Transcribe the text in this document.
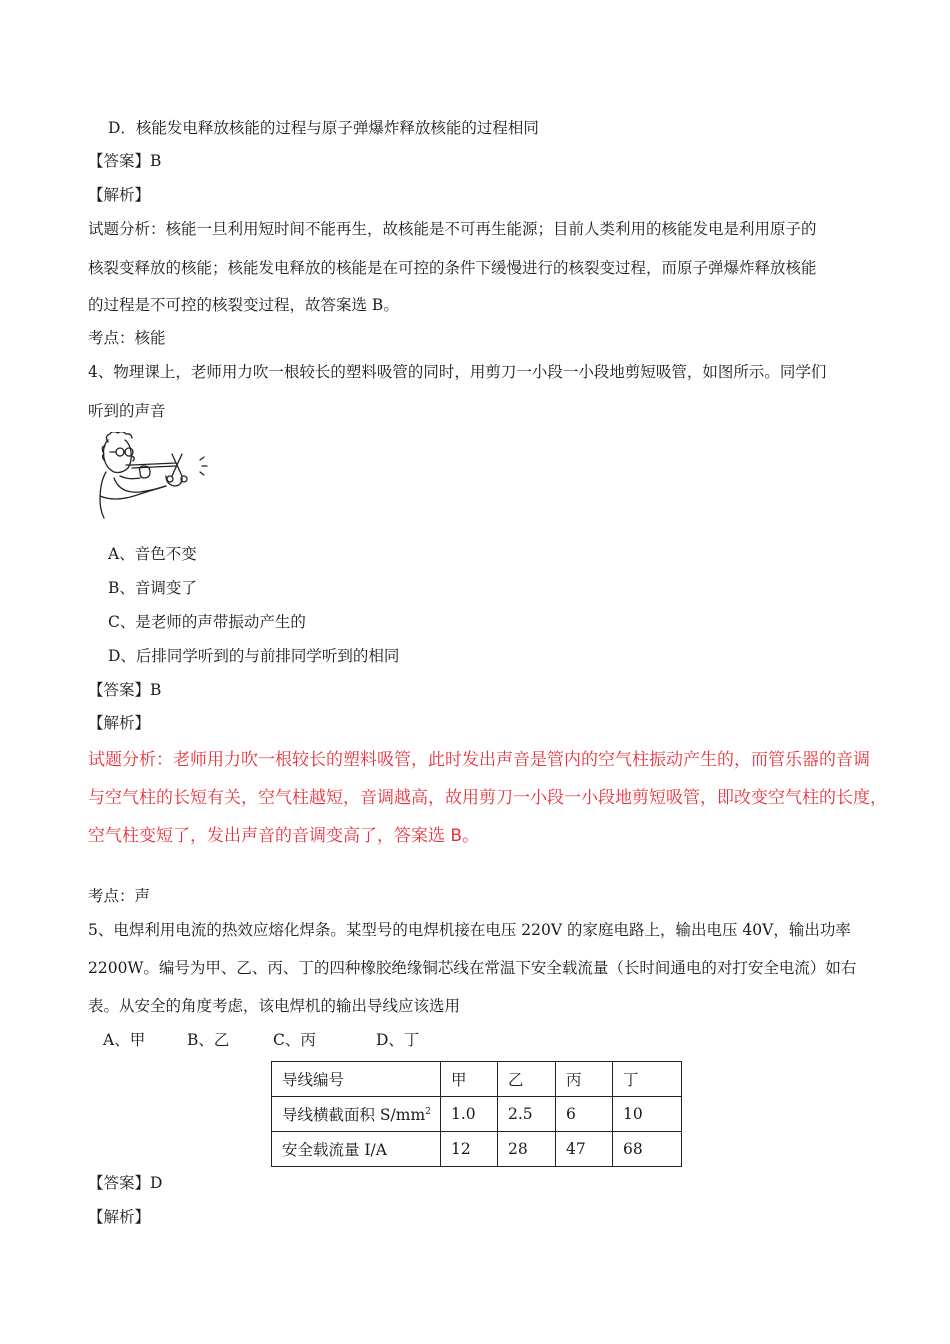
D．核能发电释放核能的过程与原子弹爆炸释放核能的过程相同
【答案】B
【解析】
试题分析：核能一旦利用短时间不能再生，故核能是不可再生能源；目前人类利用的核能发电是利用原子的
核裂变释放的核能；核能发电释放的核能是在可控的条件下缓慢进行的核裂变过程，而原子弹爆炸释放核能
的过程是不可控的核裂变过程，故答案选 B。
考点：核能
4、物理课上，老师用力吹一根较长的塑料吸管的同时，用剪刀一小段一小段地剪短吸管，如图所示。同学们
听到的声音
A、音色不变
B、音调变了
C、是老师的声带振动产生的
D、后排同学听到的与前排同学听到的相同
【答案】B
【解析】
试题分析：老师用力吹一根较长的塑料吸管，此时发出声音是管内的空气柱振动产生的，而管乐器的音调
与空气柱的长短有关，空气柱越短，音调越高，故用剪刀一小段一小段地剪短吸管，即改变空气柱的长度，
空气柱变短了，发出声音的音调变高了，答案选 B。
考点：声
5、电焊利用电流的热效应熔化焊条。某型号的电焊机接在电压 220V 的家庭电路上，输出电压 40V，输出功率
2200W。编号为甲、乙、丙、丁的四种橡胶绝缘铜芯线在常温下安全载流量（长时间通电的对打安全电流）如右
表。从安全的角度考虑，该电焊机的输出导线应该选用
A、甲	B、乙	C、丙	D、丁
导线编号	甲	乙	丙	丁
导线横截面积 $S/mm^2$	1.0	2.5	6	10
安全载流量 I/A	12	28	47	68
【答案】D
【解析】
